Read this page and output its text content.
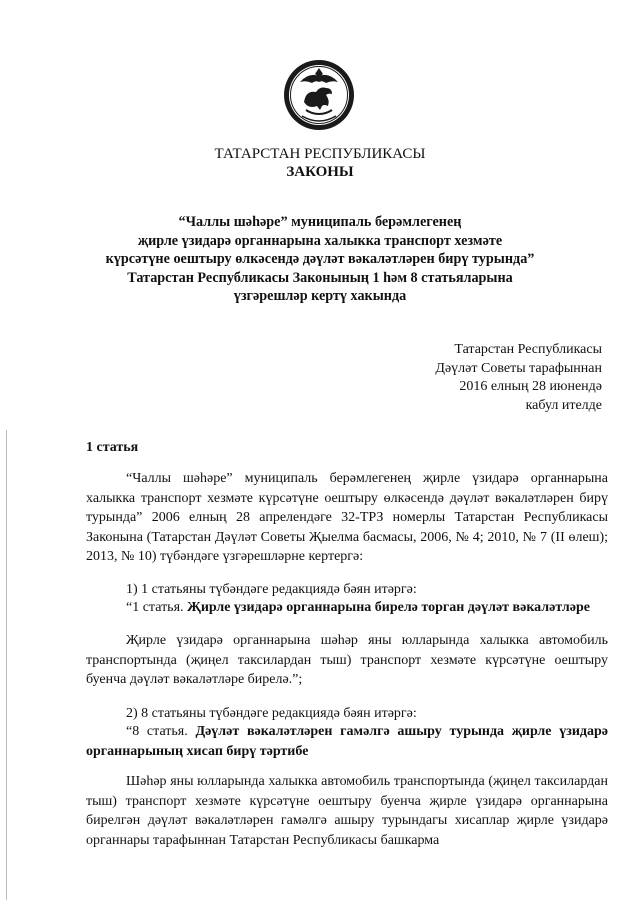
ТАТАРСТАН РЕСПУБЛИКАСЫ
ЗАКОНЫ
“Чаллы шәһәре” муниципаль берәмлегенең
җирле үзидарә органнарына халыкка транспорт хезмәте
күрсәтүне оештыру өлкәсендә дәүләт вәкаләтләрен бирү турында”
Татарстан Республикасы Законының 1 һәм 8 статьяларына
үзгәрешләр кертү хакында
Татарстан Республикасы
Дәүләт Советы тарафыннан
2016 елның 28 июнендә
кабул ителде
1 статья
“Чаллы шәһәре” муниципаль берәмлегенең җирле үзидарә органнарына халыкка транспорт хезмәте күрсәтүне оештыру өлкәсендә дәүләт вәкаләтләрен бирү турында” 2006 елның 28 апрелендәге 32-ТРЗ номерлы Татарстан Республикасы Законына (Татарстан Дәүләт Советы Җыелма басмасы, 2006, № 4; 2010, № 7 (II өлеш); 2013, № 10) түбәндәге үзгәрешләрне кертергә:
1) 1 статьяны түбәндәге редакциядә бәян итәргә:
“1 статья. Җирле үзидарә органнарына бирелә торган дәүләт вәкаләтләре
Җирле үзидарә органнарына шәһәр яны юлларында халыкка автомобиль транспортында (җиңел таксилардан тыш) транспорт хезмәте күрсәтүне оештыру буенча дәүләт вәкаләтләре бирелә.”;
2) 8 статьяны түбәндәге редакциядә бәян итәргә:
“8 статья. Дәүләт вәкаләтләрен гамәлгә ашыру турында җирле үзидарә органнарының хисап бирү тәртибе
Шәһәр яны юлларында халыкка автомобиль транспортында (җиңел таксилардан тыш) транспорт хезмәте күрсәтүне оештыру буенча җирле үзидарә органнарына бирелгән дәүләт вәкаләтләрен гамәлгә ашыру турындагы хисаплар җирле үзидарә органнары тарафыннан Татарстан Республикасы башкарма
